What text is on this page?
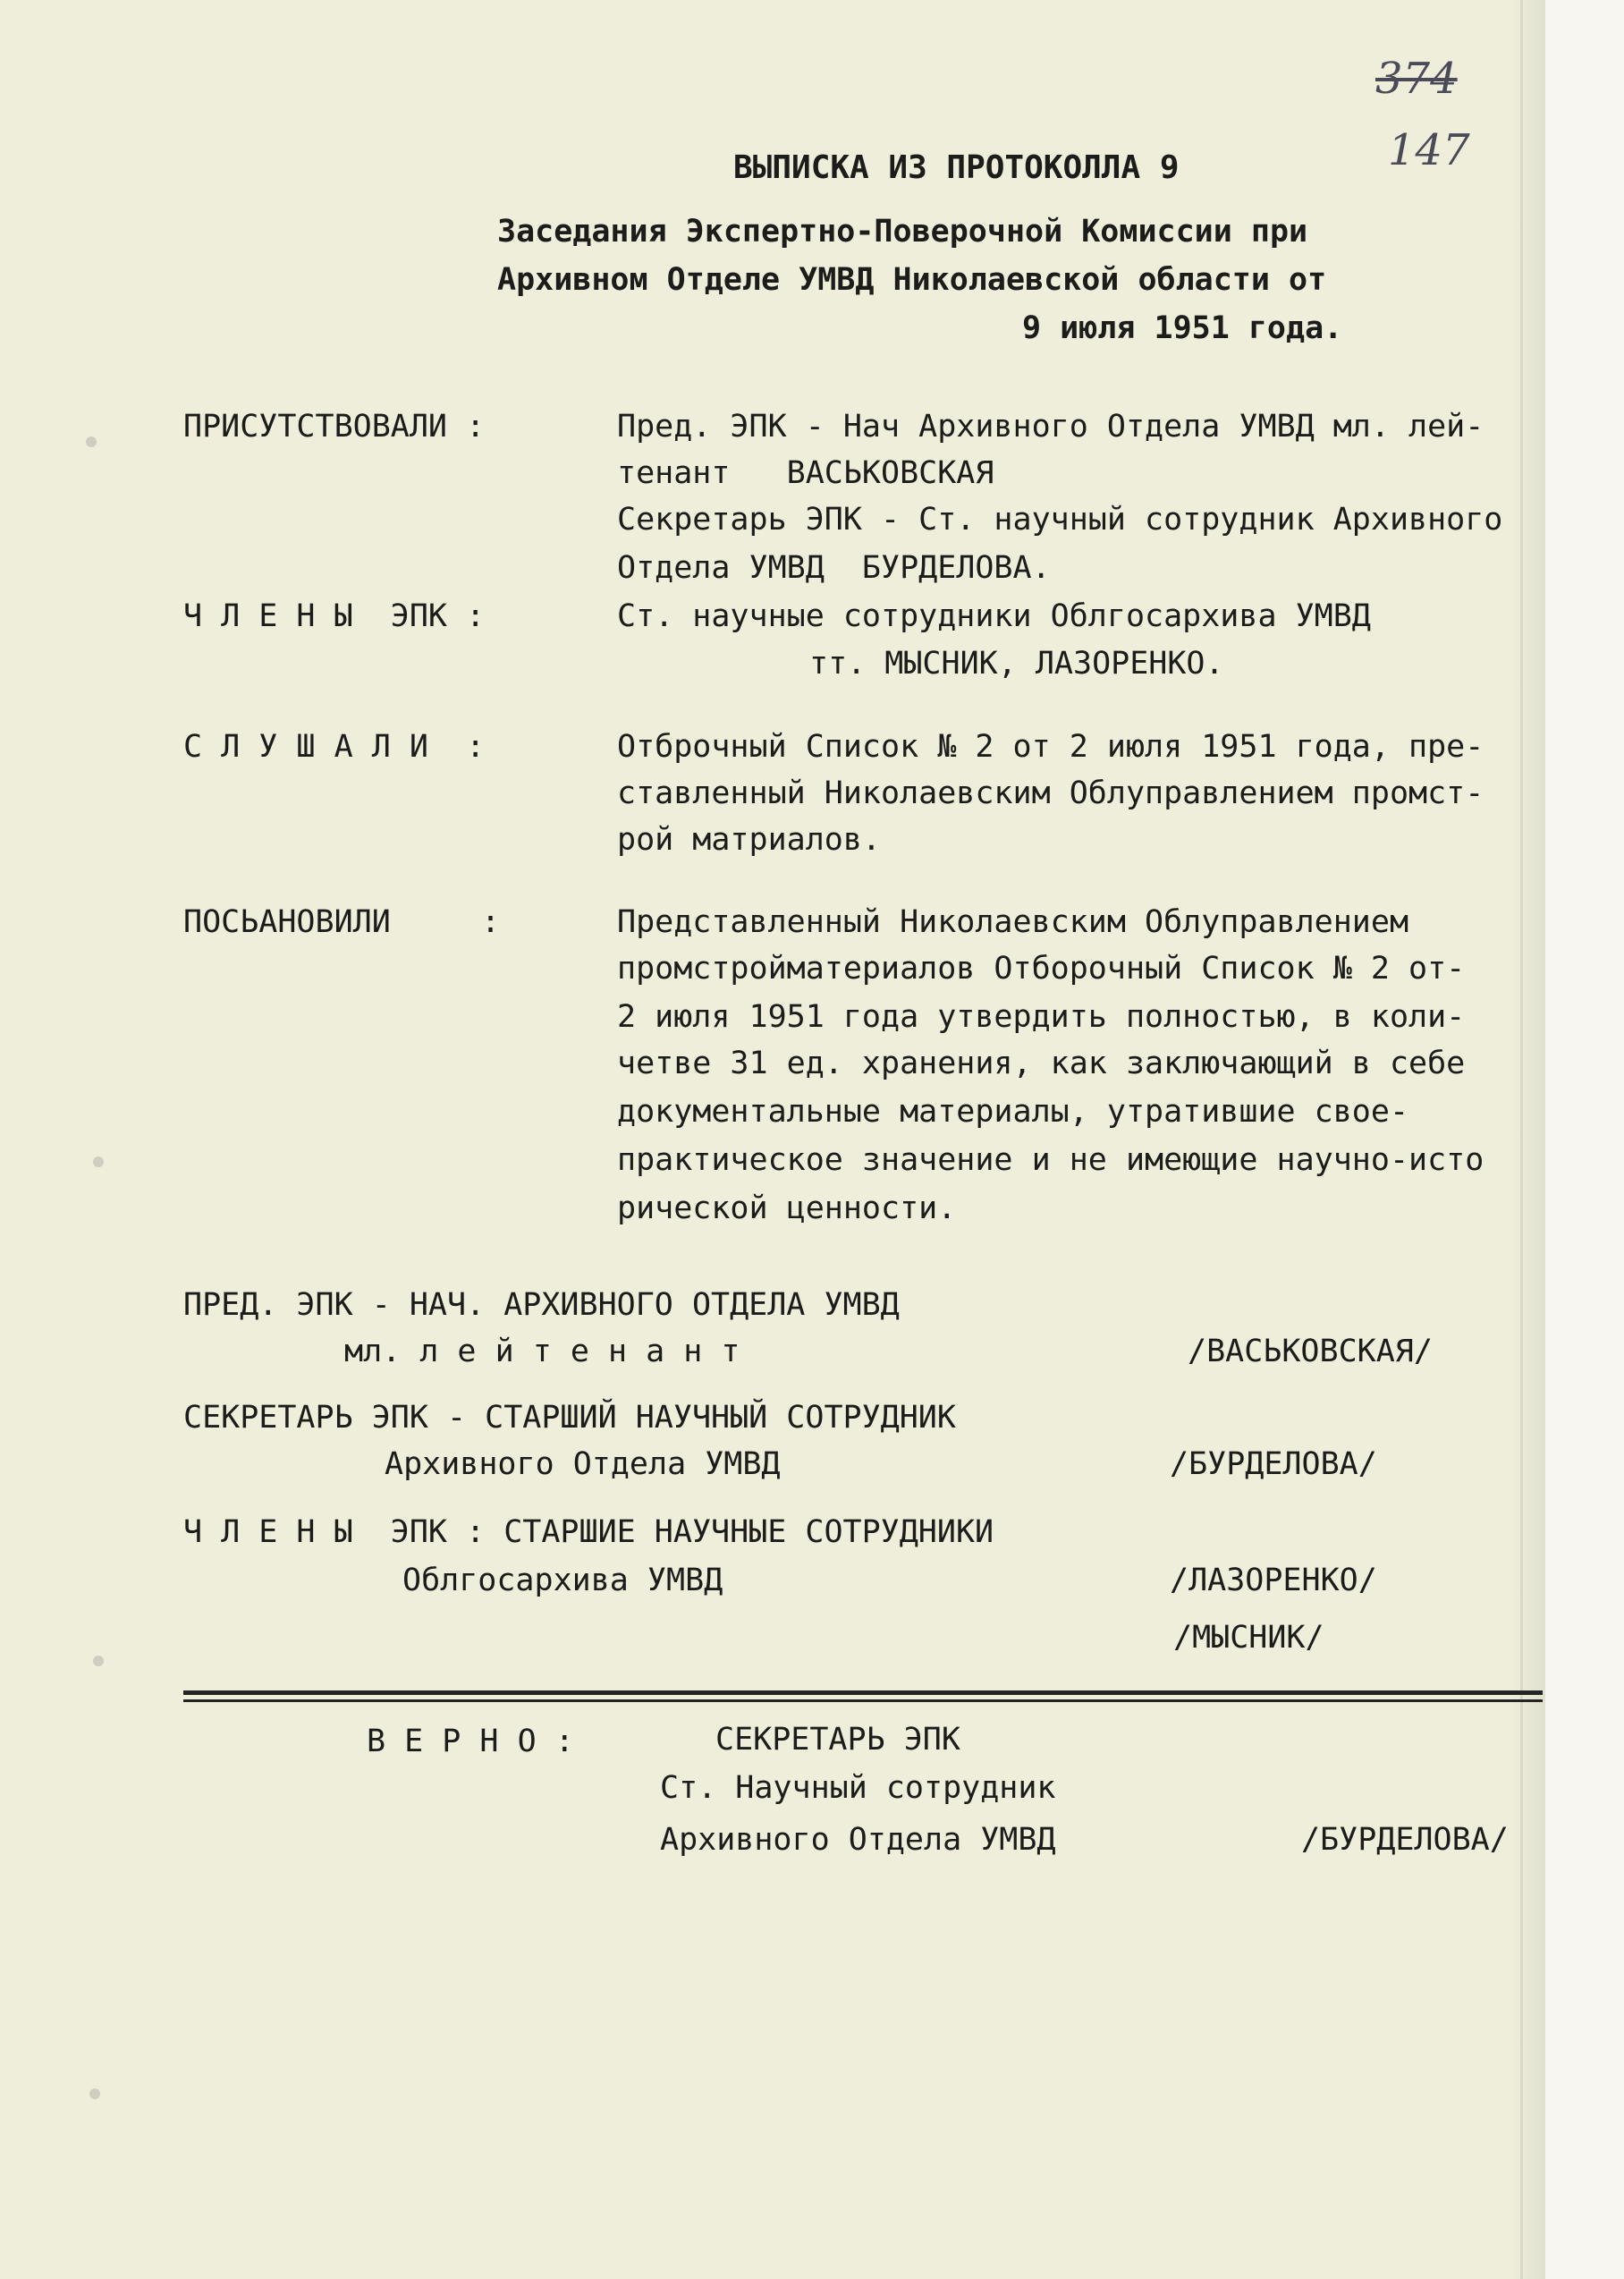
374
147
ВЫПИСКА ИЗ ПРОТОКОЛЛА 9
Заседания Экспертно-Поверочной Комиссии при
Архивном Отделе УМВД Николаевской области от
9 июля 1951 года.
ПРИСУТСТВОВАЛИ :	Пред. ЭПК - Нач Архивного Отдела УМВД мл. лей-
тенант   ВАСЬКОВСКАЯ
Секретарь ЭПК - Ст. научный сотрудник Архивного
Отдела УМВД  БУРДЕЛОВА.
Ч Л Е Н Ы  ЭПК :	Ст. научные сотрудники Облгосархива УМВД
тт. МЫСНИК, ЛАЗОРЕНКО.
С Л У Ш А Л И  :	Отброчный Список № 2 от 2 июля 1951 года, пре-
ставленный Николаевским Облуправлением промст-
рой матриалов.
ПОСЬАНОВИЛИ	:	Представленный Николаевским Облуправлением
промстройматериалов Отборочный Список № 2 от-
2 июля 1951 года утвердить полностью, в коли-
четве 31 ед. хранения, как заключающий в себе
документальные материалы, утратившие свое-
практическое значение и не имеющие научно-исто
рической ценности.
ПРЕД. ЭПК - НАЧ. АРХИВНОГО ОТДЕЛА УМВД
мл. л е й т е н а н т	/ВАСЬКОВСКАЯ/
СЕКРЕТАРЬ ЭПК - СТАРШИЙ НАУЧНЫЙ СОТРУДНИК
Архивного Отдела УМВД	/БУРДЕЛОВА/
Ч Л Е Н Ы  ЭПК : СТАРШИЕ НАУЧНЫЕ СОТРУДНИКИ
Облгосархива УМВД	/ЛАЗОРЕНКО/
/МЫСНИК/
В Е Р Н О :	СЕКРЕТАРЬ ЭПК
Ст. Научный сотрудник
Архивного Отдела УМВД	/БУРДЕЛОВА/
